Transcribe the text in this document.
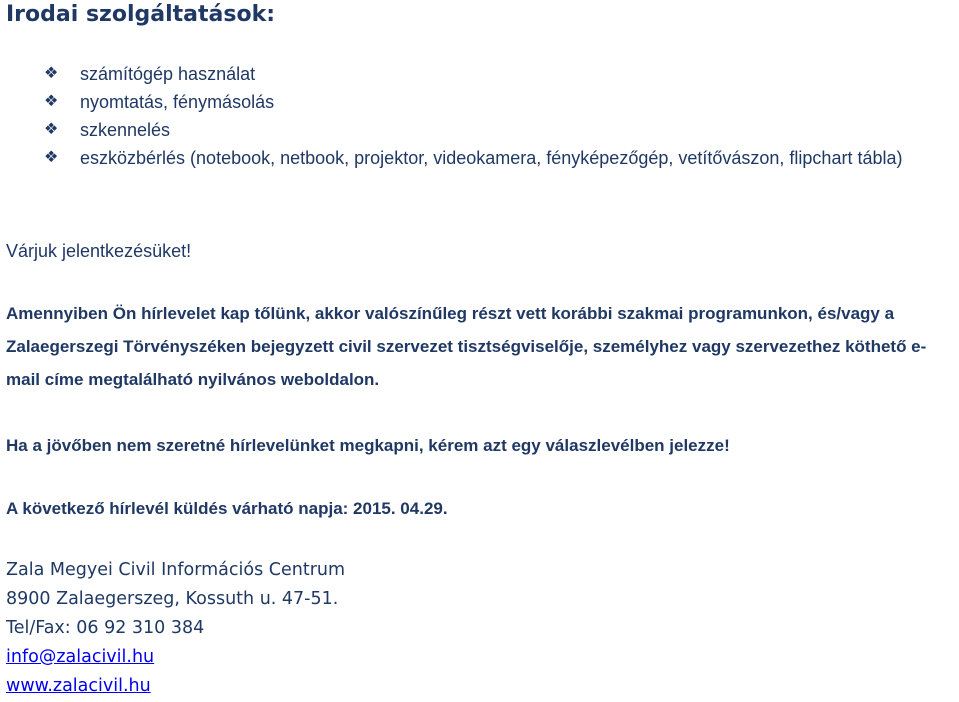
Irodai szolgáltatások:
❖ számítógép használat
❖ nyomtatás, fénymásolás
❖ szkennelés
❖ eszközbérlés (notebook, netbook, projektor, videokamera, fényképezőgép, vetítővászon, flipchart tábla)
Várjuk jelentkezésüket!
Amennyiben Ön hírlevelet kap tőlünk, akkor valószínűleg részt vett korábbi szakmai programunkon, és/vagy a Zalaegerszegi Törvényszéken bejegyzett civil szervezet tisztségviselője, személyhez vagy szervezethez köthető e-mail címe megtalálható nyilvános weboldalon.
Ha a jövőben nem szeretné hírlevelünket megkapni, kérem azt egy válaszlevélben jelezze!
A következő hírlevél küldés várható napja: 2015. 04.29.
Zala Megyei Civil Információs Centrum
8900 Zalaegerszeg, Kossuth u. 47-51.
Tel/Fax: 06 92 310 384
info@zalacivil.hu
www.zalacivil.hu
